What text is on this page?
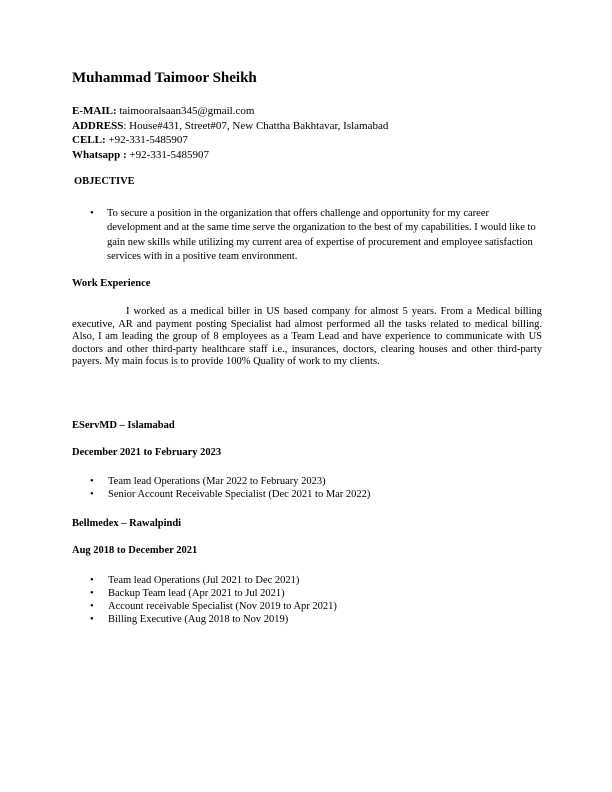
Muhammad Taimoor Sheikh
E-MAIL: taimooralsaan345@gmail.com
ADDRESS: House#431, Street#07, New Chattha Bakhtavar, Islamabad
CELL: +92-331-5485907
Whatsapp : +92-331-5485907
OBJECTIVE
•	To secure a position in the organization that offers challenge and opportunity for my career
development and at the same time serve the organization to the best of my capabilities. I would like to
gain new skills while utilizing my current area of expertise of procurement and employee satisfaction
services with in a positive team environment.
Work Experience
I worked as a medical biller in US based company for almost 5 years. From a Medical billing executive, AR and payment posting Specialist had almost performed all the tasks related to medical billing. Also, I am leading the group of 8 employees as a Team Lead and have experience to communicate with US doctors and other third-party healthcare staff i.e., insurances, doctors, clearing houses and other third-party payers. My main focus is to provide 100% Quality of work to my clients.
EServMD – Islamabad
December 2021 to February 2023
• Team lead Operations (Mar 2022 to February 2023)
• Senior Account Receivable Specialist (Dec 2021 to Mar 2022)
Bellmedex – Rawalpindi
Aug 2018 to December 2021
• Team lead Operations (Jul 2021 to Dec 2021)
• Backup Team lead (Apr 2021 to Jul 2021)
• Account receivable Specialist (Nov 2019 to Apr 2021)
• Billing Executive (Aug 2018 to Nov 2019)
